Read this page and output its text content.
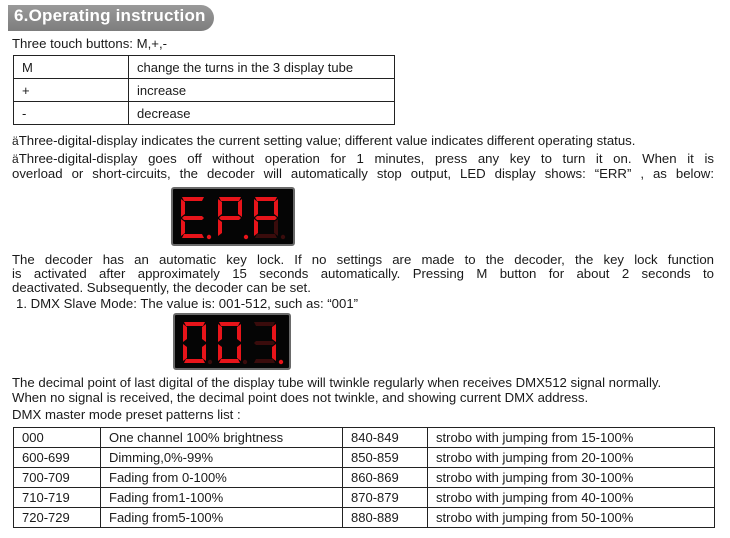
6.Operating instruction
Three touch buttons: M,+,-
M	change the turns in the 3 display tube
+	increase
-	decrease
äThree-digital-display indicates the current setting value; different value indicates different operating status.
äThree-digital-display goes off without operation for 1 minutes, press any key to turn it on. When it is
overload or short-circuits, the decoder will automatically stop output, LED display shows: “ERR” , as below:
The decoder has an automatic key lock. If no settings are made to the decoder, the key lock function
is activated after approximately 15 seconds automatically. Pressing M button for about 2 seconds to
deactivated. Subsequently, the decoder can be set.
1. DMX Slave Mode: The value is: 001-512, such as: “001”
The decimal point of last digital of the display tube will twinkle regularly when receives DMX512 signal normally.
When no signal is received, the decimal point does not twinkle, and showing current DMX address.
DMX master mode preset patterns list :
000	One channel 100% brightness	840-849	strobo with jumping from 15-100%
600-699	Dimming,0%-99%	850-859	strobo with jumping from 20-100%
700-709	Fading from 0-100%	860-869	strobo with jumping from 30-100%
710-719	Fading from1-100%	870-879	strobo with jumping from 40-100%
720-729	Fading from5-100%	880-889	strobo with jumping from 50-100%
